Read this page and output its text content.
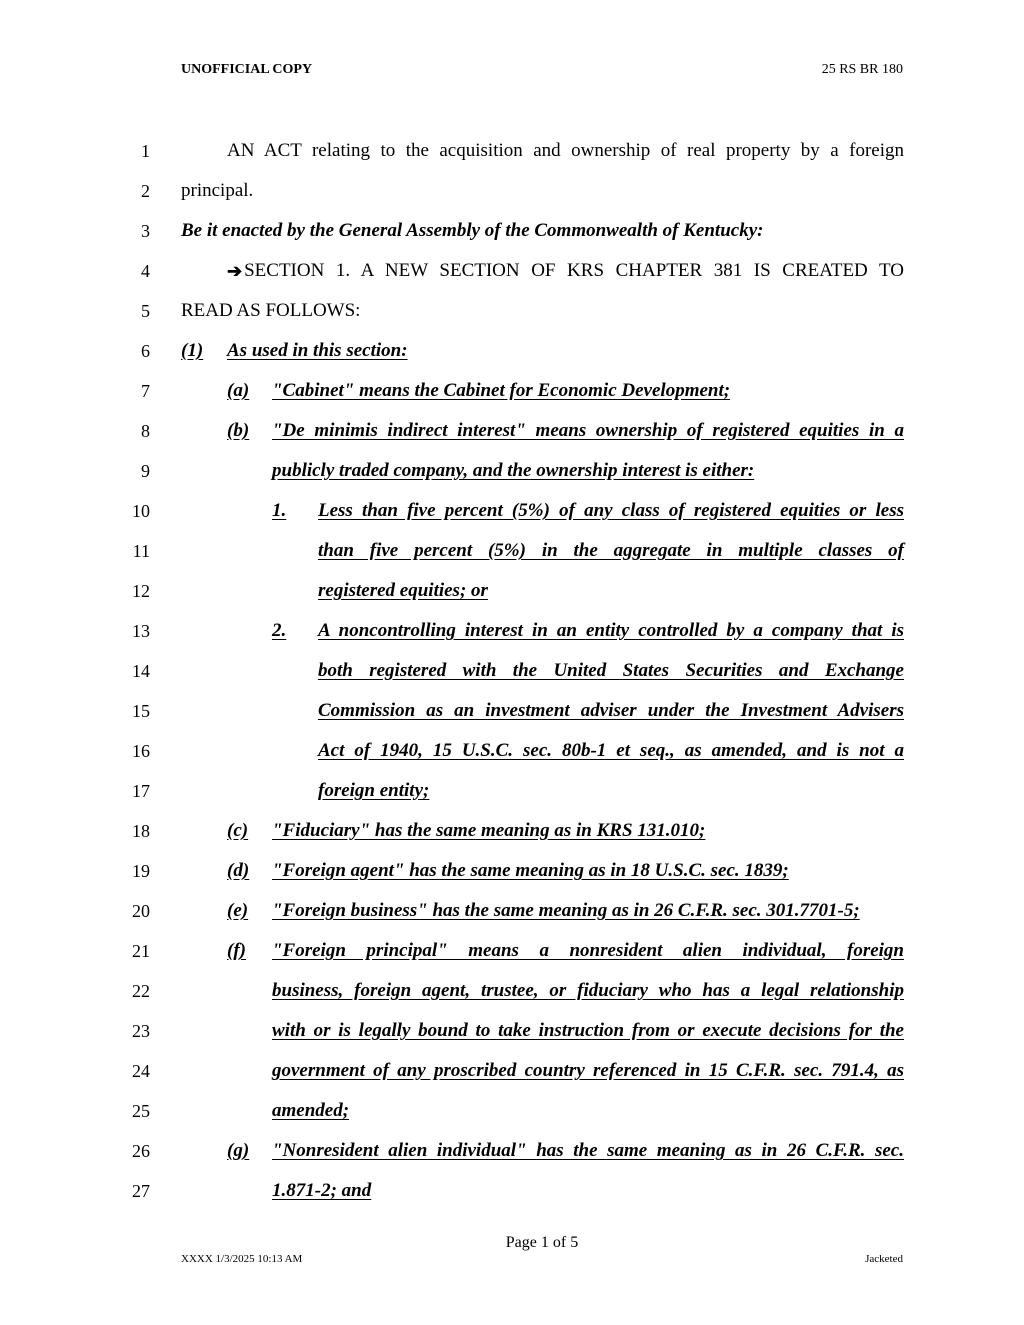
UNOFFICIAL COPY	25 RS BR 180
1	AN ACT relating to the acquisition and ownership of real property by a foreign
2 principal.
3 Be it enacted by the General Assembly of the Commonwealth of Kentucky:
4	➔ SECTION 1. A NEW SECTION OF KRS CHAPTER 381 IS CREATED TO
5 READ AS FOLLOWS:
6 (1)	As used in this section:
7	(a)	"Cabinet" means the Cabinet for Economic Development;
8	(b)	"De minimis indirect interest" means ownership of registered equities in a
9	publicly traded company, and the ownership interest is either:
10	1.	Less than five percent (5%) of any class of registered equities or less
11	than five percent (5%) in the aggregate in multiple classes of
12	registered equities; or
13	2.	A noncontrolling interest in an entity controlled by a company that is
14	both registered with the United States Securities and Exchange
15	Commission as an investment adviser under the Investment Advisers
16	Act of 1940, 15 U.S.C. sec. 80b-1 et seq., as amended, and is not a
17	foreign entity;
18	(c)	"Fiduciary" has the same meaning as in KRS 131.010;
19	(d)	"Foreign agent" has the same meaning as in 18 U.S.C. sec. 1839;
20	(e)	"Foreign business" has the same meaning as in 26 C.F.R. sec. 301.7701-5;
21	(f)	"Foreign principal" means a nonresident alien individual, foreign
22	business, foreign agent, trustee, or fiduciary who has a legal relationship
23	with or is legally bound to take instruction from or execute decisions for the
24	government of any proscribed country referenced in 15 C.F.R. sec. 791.4, as
25	amended;
26	(g)	"Nonresident alien individual" has the same meaning as in 26 C.F.R. sec.
27	1.871-2; and
Page 1 of 5
XXXX 1/3/2025 10:13 AM	Jacketed
